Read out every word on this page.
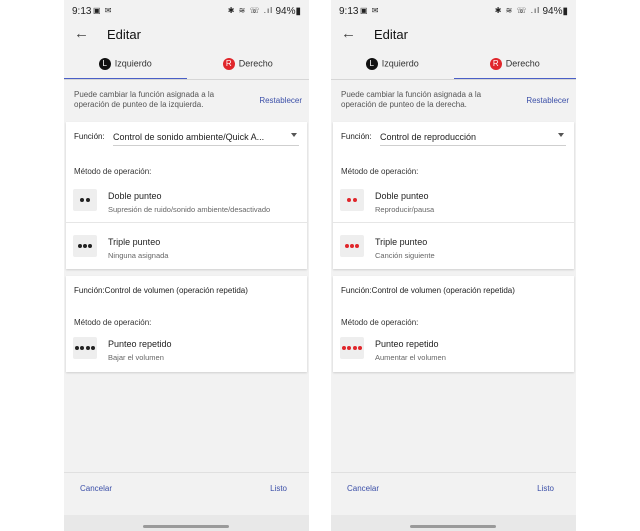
9:13 ▣ ✉	✱ ≋ ☏ .ıl 94%▮
← Editar
L Izquierdo	R Derecho
Puede cambiar la función asignada a la operación de punteo de la izquierda.	Restablecer
Función: Control de sonido ambiente/Quick A...
Método de operación:
Doble punteo
Supresión de ruido/sonido ambiente/desactivado
Triple punteo
Ninguna asignada
Función:Control de volumen (operación repetida)
Método de operación:
Punteo repetido
Bajar el volumen
Cancelar	Listo
9:13 ▣ ✉	✱ ≋ ☏ .ıl 94%▮
← Editar
L Izquierdo	R Derecho
Puede cambiar la función asignada a la operación de punteo de la derecha.	Restablecer
Función: Control de reproducción
Método de operación:
Doble punteo
Reproducir/pausa
Triple punteo
Canción siguiente
Función:Control de volumen (operación repetida)
Método de operación:
Punteo repetido
Aumentar el volumen
Cancelar	Listo
